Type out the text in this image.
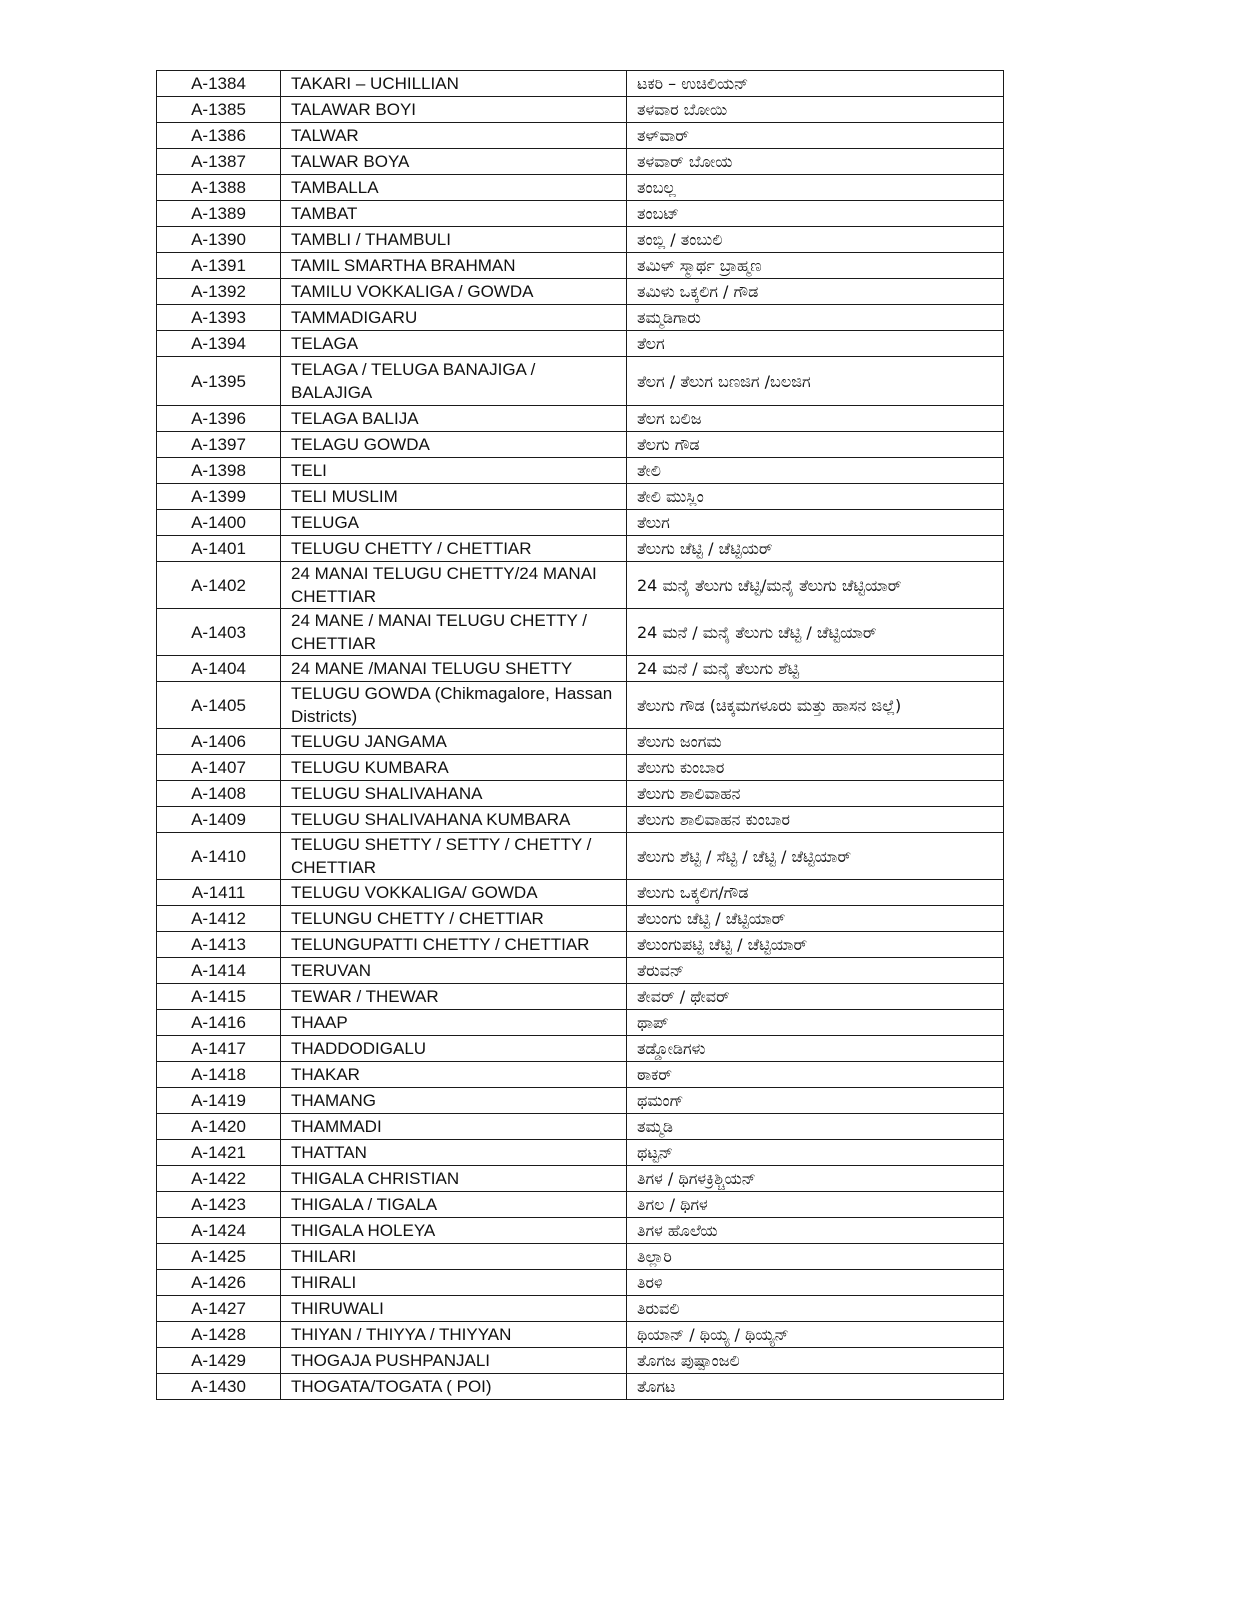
A-1384	TAKARI – UCHILLIAN	ಟಕರಿ – ಉಚಿಲಿಯನ್
A-1385	TALAWAR BOYI	ತಳವಾರ ಬೋಯಿ
A-1386	TALWAR	ತಳ್‌ವಾರ್
A-1387	TALWAR BOYA	ತಳವಾರ್ ಬೋಯ
A-1388	TAMBALLA	ತಂಬಲ್ಲ
A-1389	TAMBAT	ತಂಬಟ್
A-1390	TAMBLI / THAMBULI	ತಂಬ್ಲಿ / ತಂಬುಲಿ
A-1391	TAMIL SMARTHA BRAHMAN	ತಮಿಳ್ ಸ್ಮಾರ್ಥ ಬ್ರಾಹ್ಮಣ
A-1392	TAMILU VOKKALIGA / GOWDA	ತಮಿಳು ಒಕ್ಕಲಿಗ / ಗೌಡ
A-1393	TAMMADIGARU	ತಮ್ಮಡಿಗಾರು
A-1394	TELAGA	ತೆಲಗ
A-1395	TELAGA / TELUGA BANAJIGA / BALAJIGA	ತೆಲಗ / ತೆಲುಗ ಬಣಜಿಗ /ಬಲಜಿಗ
A-1396	TELAGA BALIJA	ತೆಲಗ ಬಲಿಜ
A-1397	TELAGU GOWDA	ತೆಲಗು ಗೌಡ
A-1398	TELI	ತೇಲಿ
A-1399	TELI MUSLIM	ತೇಲಿ ಮುಸ್ಲಿಂ
A-1400	TELUGA	ತೆಲುಗ
A-1401	TELUGU CHETTY / CHETTIAR	ತೆಲುಗು ಚೆಟ್ಟಿ / ಚೆಟ್ಟಿಯರ್
A-1402	24 MANAI TELUGU CHETTY/24 MANAI CHETTIAR	24 ಮನೈ ತೆಲುಗು ಚೆಟ್ಟಿ/ಮನೈ ತೆಲುಗು ಚೆಟ್ಟಿಯಾರ್
A-1403	24 MANE / MANAI TELUGU CHETTY / CHETTIAR	24 ಮನೆ / ಮನೈ ತೆಲುಗು ಚೆಟ್ಟಿ / ಚೆಟ್ಟಿಯಾರ್
A-1404	24 MANE /MANAI TELUGU SHETTY	24 ಮನೆ / ಮನೈ ತೆಲುಗು ಶೆಟ್ಟಿ
A-1405	TELUGU GOWDA (Chikmagalore, Hassan Districts)	ತೆಲುಗು ಗೌಡ (ಚಿಕ್ಕಮಗಳೂರು ಮತ್ತು ಹಾಸನ ಜಿಲ್ಲೆ)
A-1406	TELUGU JANGAMA	ತೆಲುಗು ಜಂಗಮ
A-1407	TELUGU KUMBARA	ತೆಲುಗು ಕುಂಬಾರ
A-1408	TELUGU SHALIVAHANA	ತೆಲುಗು ಶಾಲಿವಾಹನ
A-1409	TELUGU SHALIVAHANA KUMBARA	ತೆಲುಗು ಶಾಲಿವಾಹನ ಕುಂಬಾರ
A-1410	TELUGU SHETTY / SETTY / CHETTY / CHETTIAR	ತೆಲುಗು ಶೆಟ್ಟಿ / ಸೆಟ್ಟಿ / ಚೆಟ್ಟಿ / ಚೆಟ್ಟಿಯಾರ್
A-1411	TELUGU VOKKALIGA/ GOWDA	ತೆಲುಗು ಒಕ್ಕಲಿಗ/ಗೌಡ
A-1412	TELUNGU CHETTY / CHETTIAR	ತೆಲುಂಗು ಚೆಟ್ಟಿ / ಚೆಟ್ಟಿಯಾರ್
A-1413	TELUNGUPATTI CHETTY / CHETTIAR	ತೆಲುಂಗುಪಟ್ಟಿ ಚೆಟ್ಟಿ / ಚೆಟ್ಟಿಯಾರ್
A-1414	TERUVAN	ತೆರುವನ್
A-1415	TEWAR / THEWAR	ತೇವರ್ / ಥೇವರ್
A-1416	THAAP	ಥಾಪ್
A-1417	THADDODIGALU	ತಡ್ಡೋಡಿಗಳು
A-1418	THAKAR	ಠಾಕರ್
A-1419	THAMANG	ಥಮಂಗ್
A-1420	THAMMADI	ತಮ್ಮಡಿ
A-1421	THATTAN	ಥಟ್ಟನ್
A-1422	THIGALA CHRISTIAN	ತಿಗಳ / ಥಿಗಳಕ್ರಿಶ್ಚಿಯನ್
A-1423	THIGALA / TIGALA	ತಿಗಲ / ಥಿಗಳ
A-1424	THIGALA HOLEYA	ತಿಗಳ ಹೊಲೆಯ
A-1425	THILARI	ತಿಲ್ಲಾರಿ
A-1426	THIRALI	ತಿರಳಿ
A-1427	THIRUWALI	ತಿರುವಲಿ
A-1428	THIYAN / THIYYA / THIYYAN	ಥಿಯಾನ್ / ಥಿಯ್ಯ / ಥಿಯ್ಯನ್
A-1429	THOGAJA PUSHPANJALI	ತೊಗಜ ಪುಷ್ಪಾಂಜಲಿ
A-1430	THOGATA/TOGATA ( POI)	ತೊಗಟ
